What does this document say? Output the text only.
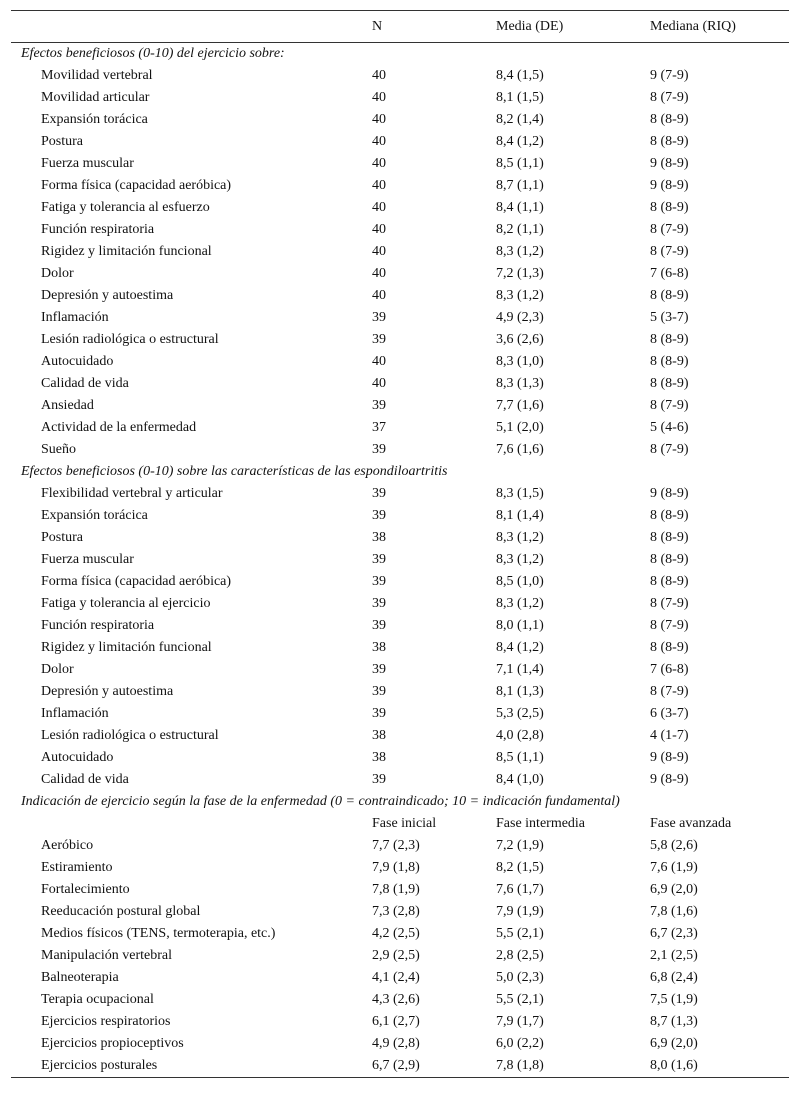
	N	Media (DE)	Mediana (RIQ)
Efectos beneficiosos (0-10) del ejercicio sobre:			
Movilidad vertebral	40	8,4 (1,5)	9 (7-9)
Movilidad articular	40	8,1 (1,5)	8 (7-9)
Expansión torácica	40	8,2 (1,4)	8 (8-9)
Postura	40	8,4 (1,2)	8 (8-9)
Fuerza muscular	40	8,5 (1,1)	9 (8-9)
Forma física (capacidad aeróbica)	40	8,7 (1,1)	9 (8-9)
Fatiga y tolerancia al esfuerzo	40	8,4 (1,1)	8 (8-9)
Función respiratoria	40	8,2 (1,1)	8 (7-9)
Rigidez y limitación funcional	40	8,3 (1,2)	8 (7-9)
Dolor	40	7,2 (1,3)	7 (6-8)
Depresión y autoestima	40	8,3 (1,2)	8 (8-9)
Inflamación	39	4,9 (2,3)	5 (3-7)
Lesión radiológica o estructural	39	3,6 (2,6)	8 (8-9)
Autocuidado	40	8,3 (1,0)	8 (8-9)
Calidad de vida	40	8,3 (1,3)	8 (8-9)
Ansiedad	39	7,7 (1,6)	8 (7-9)
Actividad de la enfermedad	37	5,1 (2,0)	5 (4-6)
Sueño	39	7,6 (1,6)	8 (7-9)
Efectos beneficiosos (0-10) sobre las características de las espondiloartritis			
Flexibilidad vertebral y articular	39	8,3 (1,5)	9 (8-9)
Expansión torácica	39	8,1 (1,4)	8 (8-9)
Postura	38	8,3 (1,2)	8 (8-9)
Fuerza muscular	39	8,3 (1,2)	8 (8-9)
Forma física (capacidad aeróbica)	39	8,5 (1,0)	8 (8-9)
Fatiga y tolerancia al ejercicio	39	8,3 (1,2)	8 (7-9)
Función respiratoria	39	8,0 (1,1)	8 (7-9)
Rigidez y limitación funcional	38	8,4 (1,2)	8 (8-9)
Dolor	39	7,1 (1,4)	7 (6-8)
Depresión y autoestima	39	8,1 (1,3)	8 (7-9)
Inflamación	39	5,3 (2,5)	6 (3-7)
Lesión radiológica o estructural	38	4,0 (2,8)	4 (1-7)
Autocuidado	38	8,5 (1,1)	9 (8-9)
Calidad de vida	39	8,4 (1,0)	9 (8-9)
Indicación de ejercicio según la fase de la enfermedad (0 = contraindicado; 10 = indicación fundamental)			
	Fase inicial	Fase intermedia	Fase avanzada
Aeróbico	7,7 (2,3)	7,2 (1,9)	5,8 (2,6)
Estiramiento	7,9 (1,8)	8,2 (1,5)	7,6 (1,9)
Fortalecimiento	7,8 (1,9)	7,6 (1,7)	6,9 (2,0)
Reeducación postural global	7,3 (2,8)	7,9 (1,9)	7,8 (1,6)
Medios físicos (TENS, termoterapia, etc.)	4,2 (2,5)	5,5 (2,1)	6,7 (2,3)
Manipulación vertebral	2,9 (2,5)	2,8 (2,5)	2,1 (2,5)
Balneoterapia	4,1 (2,4)	5,0 (2,3)	6,8 (2,4)
Terapia ocupacional	4,3 (2,6)	5,5 (2,1)	7,5 (1,9)
Ejercicios respiratorios	6,1 (2,7)	7,9 (1,7)	8,7 (1,3)
Ejercicios propioceptivos	4,9 (2,8)	6,0 (2,2)	6,9 (2,0)
Ejercicios posturales	6,7 (2,9)	7,8 (1,8)	8,0 (1,6)
